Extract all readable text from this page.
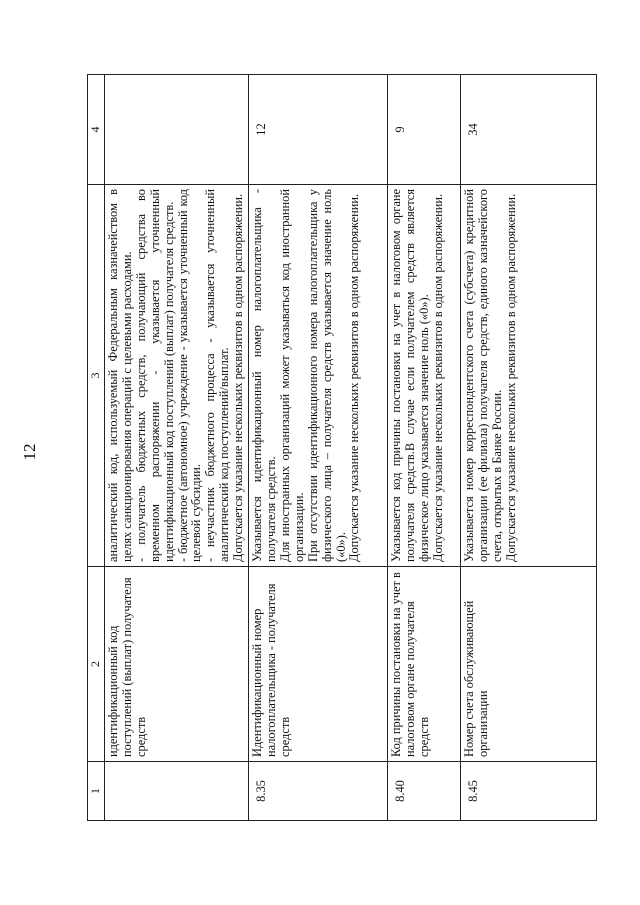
12
1	2	3	4
	идентификационный код поступлений (выплат) получателя средств	аналитический код, используемый Федеральным казначейством в целях санкционирования операций с целевыми расходами. - получатель бюджетных средств, получающий средства во временном распоряжении - указывается уточненный идентификационный код поступлений (выплат) получателя средств. - бюджетное (автономное) учреждение - указывается уточненный код целевой субсидии. - неучастник бюджетного процесса - указывается уточненный аналитический код поступлений/выплат. Допускается указание нескольких реквизитов в одном распоряжении.	

8.35	Идентификационный номер налогоплательщика - получателя средств	Указывается идентификационный номер налогоплательщика - получателя средств. Для иностранных организаций может указываться код иностранной организации. При отсутствии идентификационного номера налогоплательщика у физического лица – получателя средств указывается значение ноль («0»). Допускается указание нескольких реквизитов в одном распоряжении.	12
8.40	Код причины постановки на учет в налоговом органе получателя средств	Указывается код причины постановки на учет в налоговом органе получателя средств.В случае если получателем средств является физическое лицо указывается значение ноль («0»). Допускается указание нескольких реквизитов в одном распоряжении.	9
8.45	Номер счета обслуживающей организации	Указывается номер корреспондентского счета (субсчета) кредитной организации (ее филиала) получателя средств, единого казначейского счета, открытых в Банке России. Допускается указание нескольких реквизитов в одном распоряжении.	34
